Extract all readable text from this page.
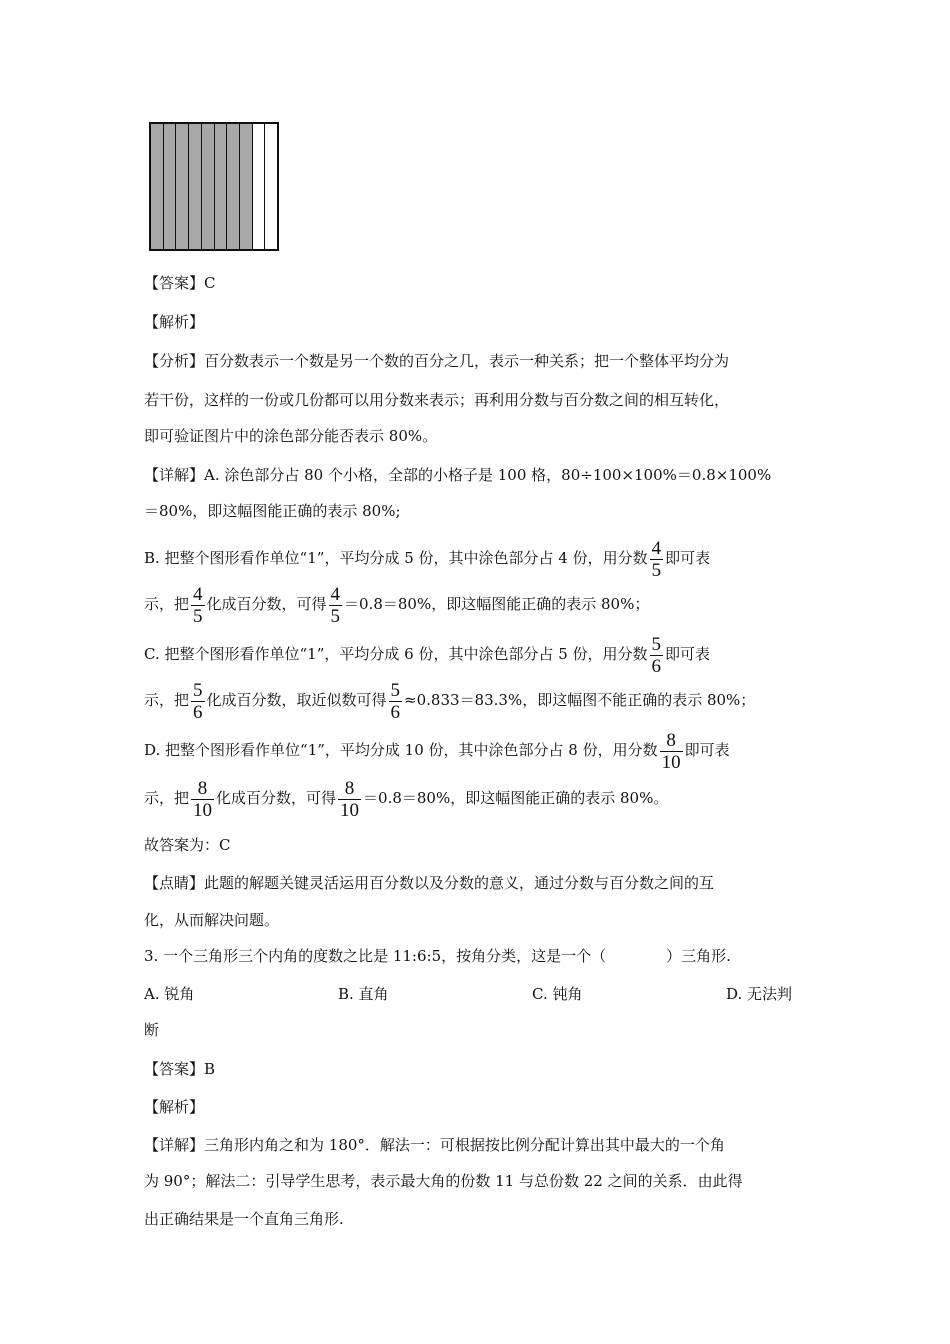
【答案】C
【解析】
【分析】百分数表示一个数是另一个数的百分之几，表示一种关系；把一个整体平均分为
若干份，这样的一份或几份都可以用分数来表示；再利用分数与百分数之间的相互转化，
即可验证图片中的涂色部分能否表示 80%。
【详解】A. 涂色部分占 80 个小格，全部的小格子是 100 格，80÷100×100%＝0.8×100%
＝80%，即这幅图能正确的表示 80%;
B. 把整个图形看作单位“1”，平均分成 5 份，其中涂色部分占 4 份，用分数 $\frac{4}{5}$ 即可表
示，把 $\frac{4}{5}$ 化成百分数，可得 $\frac{4}{5} =0.8=80\%$，即这幅图能正确的表示 80%；
C. 把整个图形看作单位“1”，平均分成 6 份，其中涂色部分占 5 份，用分数 $\frac{5}{6}$ 即可表
示，把 $\frac{5}{6}$ 化成百分数，取近似数可得 $\frac{5}{6} \approx 0.833=83.3\%$，即这幅图不能正确的表示 80%；
D. 把整个图形看作单位“1”，平均分成 10 份，其中涂色部分占 8 份，用分数 $\frac{8}{10}$ 即可表
示，把 $\frac{8}{10}$ 化成百分数，可得 $\frac{8}{10} =0.8=80\%$，即这幅图能正确的表示 80%。
故答案为：C
【点睛】此题的解题关键灵活运用百分数以及分数的意义，通过分数与百分数之间的互
化，从而解决问题。
3. 一个三角形三个内角的度数之比是 11:6:5，按角分类，这是一个（　　　　）三角形.
A. 锐角	B. 直角	C. 钝角	D. 无法判
断
【答案】B
【解析】
【详解】三角形内角之和为 180°．解法一：可根据按比例分配计算出其中最大的一个角
为 90°；解法二：引导学生思考，表示最大角的份数 11 与总份数 22 之间的关系．由此得
出正确结果是一个直角三角形.
